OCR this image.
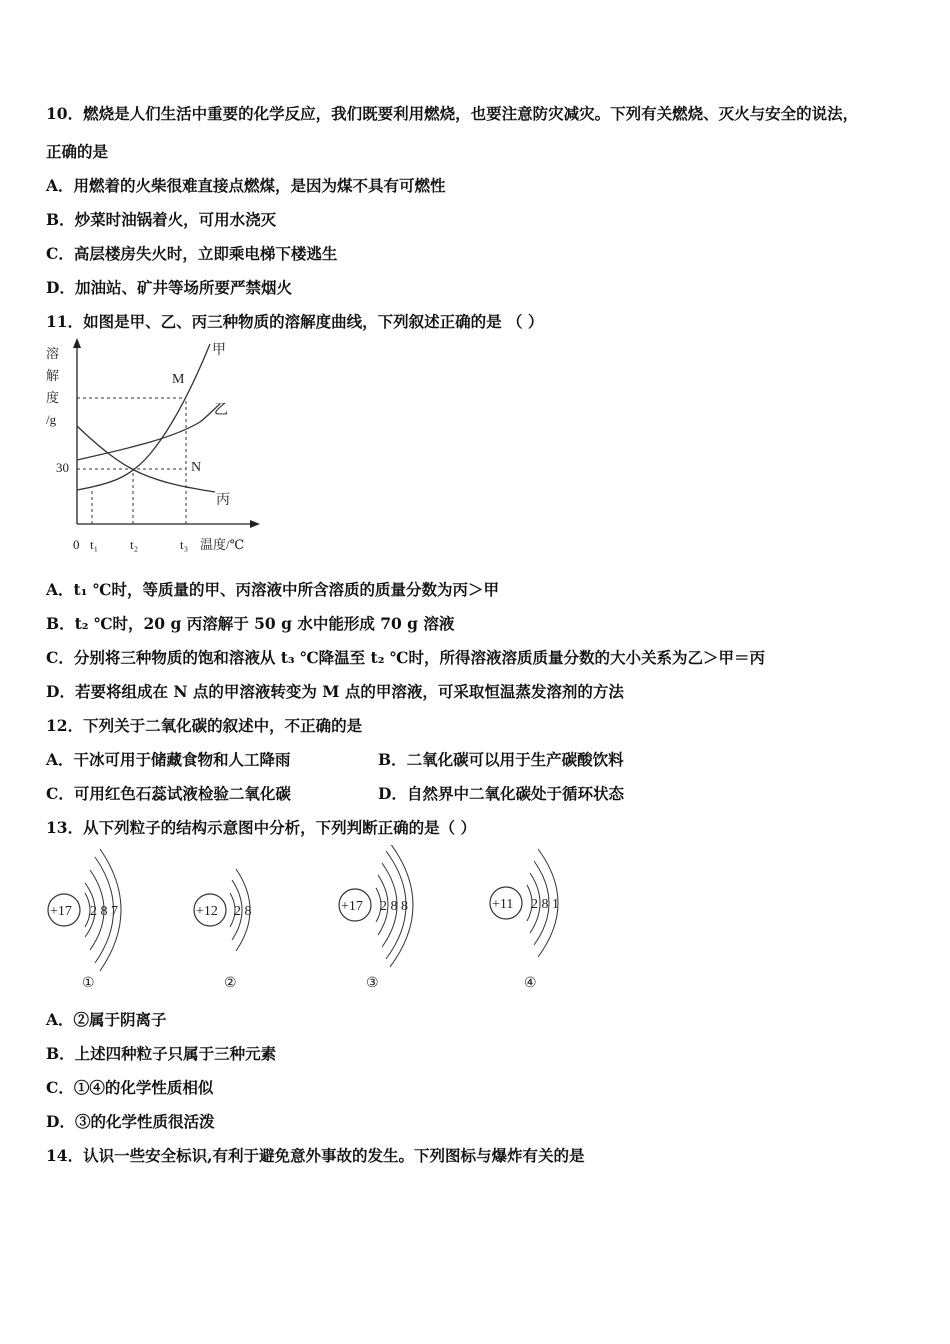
10．燃烧是人们生活中重要的化学反应，我们既要利用燃烧，也要注意防灾减灾。下列有关燃烧、灭火与安全的说法，
正确的是
A．用燃着的火柴很难直接点燃煤，是因为煤不具有可燃性
B．炒菜时油锅着火，可用水浇灭
C．高层楼房失火时，立即乘电梯下楼逃生
D．加油站、矿井等场所要严禁烟火
11．如图是甲、乙、丙三种物质的溶解度曲线，下列叙述正确的是 （ ）
溶
解
度
/g
甲
乙
丙
M
N
30
0 t₁ t₂	t₃ 温度/℃
A．t₁ ℃时，等质量的甲、丙溶液中所含溶质的质量分数为丙＞甲
B．t₂ ℃时，20 g 丙溶解于 50 g 水中能形成 70 g 溶液
C．分别将三种物质的饱和溶液从 t₃ ℃降温至 t₂ ℃时，所得溶液溶质质量分数的大小关系为乙＞甲＝丙
D．若要将组成在 N 点的甲溶液转变为 M 点的甲溶液，可采取恒温蒸发溶剂的方法
12．下列关于二氧化碳的叙述中，不正确的是
A．干冰可用于储藏食物和人工降雨	B．二氧化碳可以用于生产碳酸饮料
C．可用红色石蕊试液检验二氧化碳	D．自然界中二氧化碳处于循环状态
13．从下列粒子的结构示意图中分析，下列判断正确的是（ ）
+17 2 8 7
①
+12 2 8
②
+17 2 8 8
③
+11 2 8 1
④
A．②属于阴离子
B．上述四种粒子只属于三种元素
C．①④的化学性质相似
D．③的化学性质很活泼
14．认识一些安全标识,有利于避免意外事故的发生。下列图标与爆炸有关的是
